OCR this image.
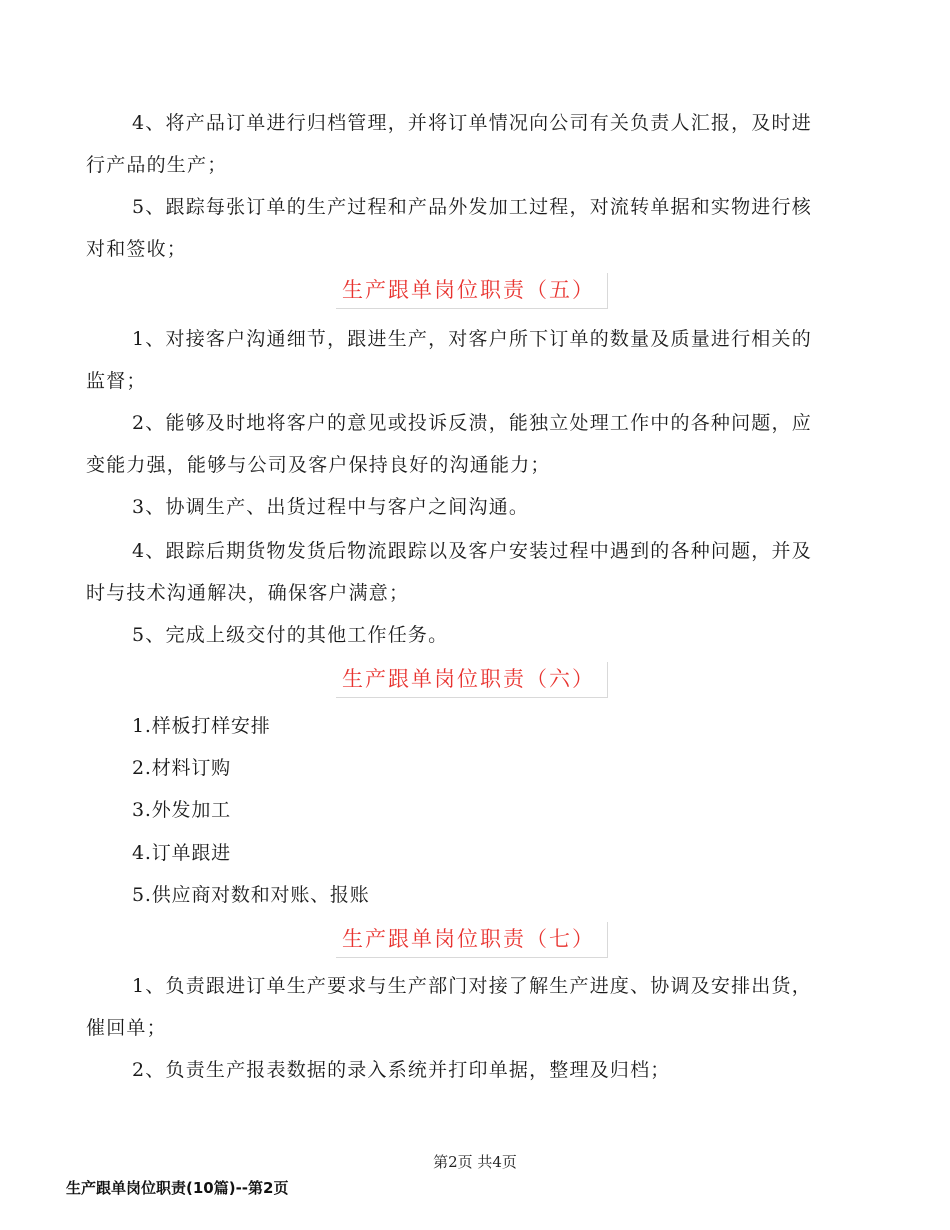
4、将产品订单进行归档管理，并将订单情况向公司有关负责人汇报，及时进
行产品的生产；
5、跟踪每张订单的生产过程和产品外发加工过程，对流转单据和实物进行核
对和签收；
生产跟单岗位职责（五）
1、对接客户沟通细节，跟进生产，对客户所下订单的数量及质量进行相关的
监督；
2、能够及时地将客户的意见或投诉反溃，能独立处理工作中的各种问题，应
变能力强，能够与公司及客户保持良好的沟通能力；
3、协调生产、出货过程中与客户之间沟通。
4、跟踪后期货物发货后物流跟踪以及客户安装过程中遇到的各种问题，并及
时与技术沟通解决，确保客户满意；
5、完成上级交付的其他工作任务。
生产跟单岗位职责（六）
1.样板打样安排
2.材料订购
3.外发加工
4.订单跟进
5.供应商对数和对账、报账
生产跟单岗位职责（七）
1、负责跟进订单生产要求与生产部门对接了解生产进度、协调及安排出货，
催回单；
2、负责生产报表数据的录入系统并打印单据，整理及归档；
第2页 共4页
生产跟单岗位职责(10篇)--第2页
